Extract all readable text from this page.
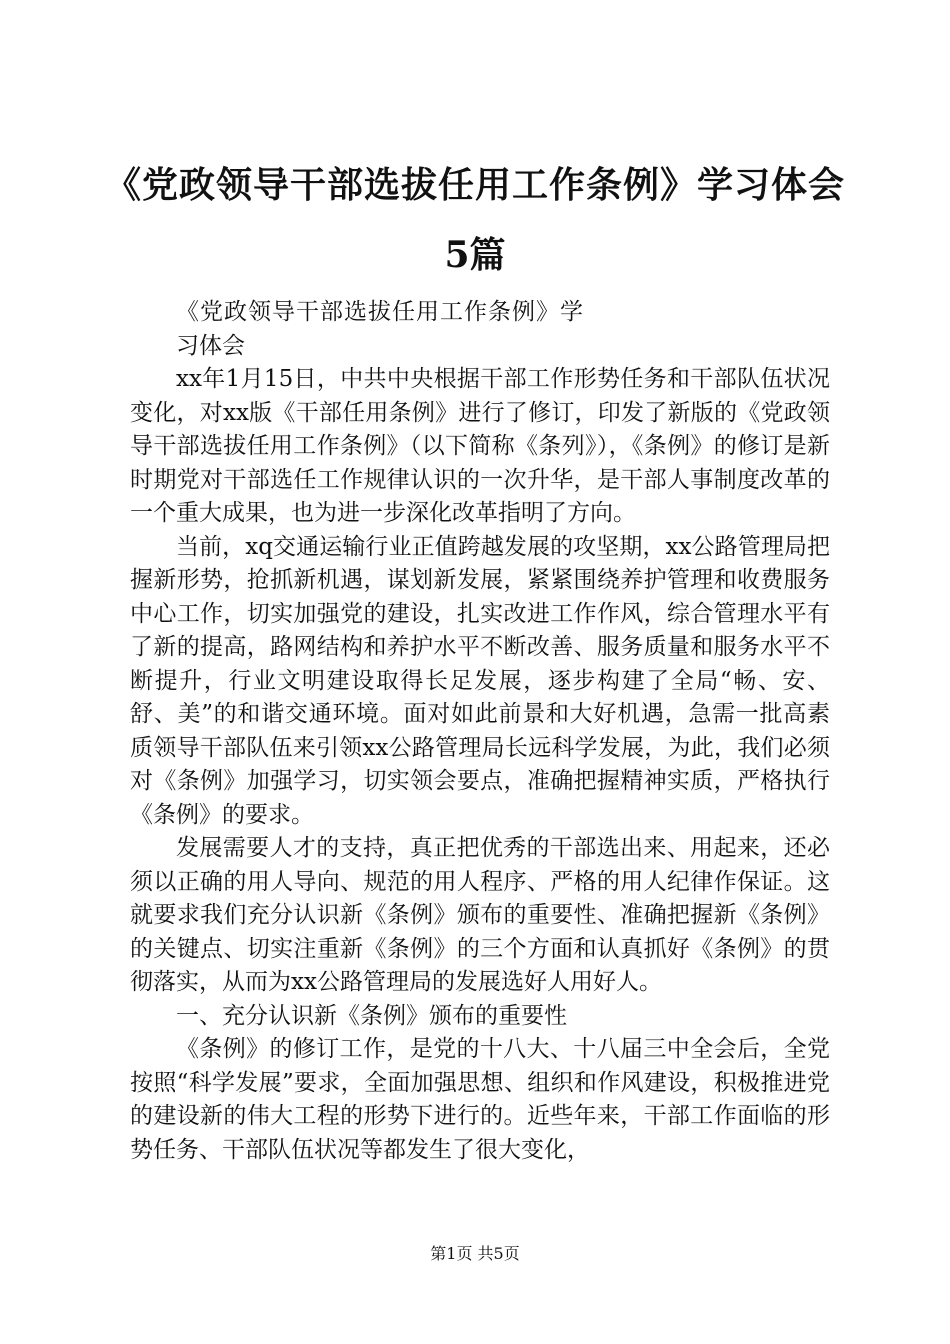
《党政领导干部选拔任用工作条例》学习体会
5篇

《党政领导干部选拔任用工作条例》学

习体会

xx年1月15日，中共中央根据干部工作形势任务和干部队伍状况变化，对xx版《干部任用条例》进行了修订，印发了新版的《党政领导干部选拔任用工作条例》（以下简称《条列》），《条例》的修订是新时期党对干部选任工作规律认识的一次升华，是干部人事制度改革的一个重大成果，也为进一步深化改革指明了方向。

当前，xq交通运输行业正值跨越发展的攻坚期，xx公路管理局把握新形势，抢抓新机遇，谋划新发展，紧紧围绕养护管理和收费服务中心工作，切实加强党的建设，扎实改进工作作风，综合管理水平有了新的提高，路网结构和养护水平不断改善、服务质量和服务水平不断提升，行业文明建设取得长足发展，逐步构建了全局“畅、安、舒、美”的和谐交通环境。面对如此前景和大好机遇，急需一批高素质领导干部队伍来引领xx公路管理局长远科学发展，为此，我们必须对《条例》加强学习，切实领会要点，准确把握精神实质，严格执行《条例》的要求。

发展需要人才的支持，真正把优秀的干部选出来、用起来，还必须以正确的用人导向、规范的用人程序、严格的用人纪律作保证。这就要求我们充分认识新《条例》颁布的重要性、准确把握新《条例》的关键点、切实注重新《条例》的三个方面和认真抓好《条例》的贯彻落实，从而为xx公路管理局的发展选好人用好人。

一、充分认识新《条例》颁布的重要性

《条例》的修订工作，是党的十八大、十八届三中全会后，全党按照“科学发展”要求，全面加强思想、组织和作风建设，积极推进党的建设新的伟大工程的形势下进行的。近些年来，干部工作面临的形势任务、干部队伍状况等都发生了很大变化，

第1页 共5页
